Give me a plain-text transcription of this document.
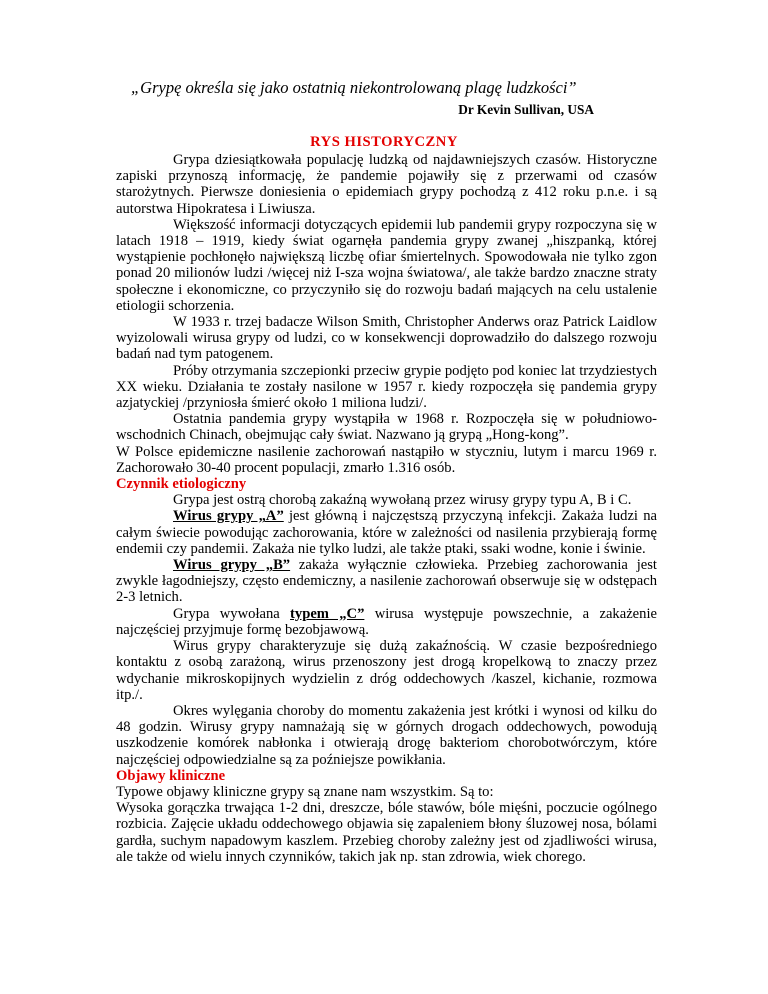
„Grypę określa się jako ostatnią niekontrolowaną plagę ludzkości”
Dr Kevin Sullivan, USA
RYS HISTORYCZNY

Grypa dziesiątkowała populację ludzką od najdawniejszych czasów. Historyczne zapiski przynoszą informację, że pandemie pojawiły się z przerwami od czasów starożytnych. Pierwsze doniesienia o epidemiach grypy pochodzą z 412 roku p.n.e. i są autorstwa Hipokratesa i Liwiusza.

Większość informacji dotyczących epidemii lub pandemii grypy rozpoczyna się w latach 1918 – 1919, kiedy świat ogarnęła pandemia grypy zwanej „hiszpanką, której wystąpienie pochłonęło największą liczbę ofiar śmiertelnych. Spowodowała nie tylko zgon ponad 20 milionów ludzi /więcej niż I-sza wojna światowa/, ale także bardzo znaczne straty społeczne i ekonomiczne, co przyczyniło się do rozwoju badań mających na celu ustalenie etiologii schorzenia.

W 1933 r. trzej badacze Wilson Smith, Christopher Anderws oraz Patrick Laidlow wyizolowali wirusa grypy od ludzi, co w konsekwencji doprowadziło do dalszego rozwoju badań nad tym patogenem.

Próby otrzymania szczepionki przeciw grypie podjęto pod koniec lat trzydziestych XX wieku. Działania te zostały nasilone w 1957 r. kiedy rozpoczęła się pandemia grypy azjatyckiej /przyniosła śmierć około 1 miliona ludzi/.

Ostatnia pandemia grypy wystąpiła w 1968 r. Rozpoczęła się w południowo-wschodnich Chinach, obejmując cały świat. Nazwano ją grypą „Hong-kong”.

W Polsce epidemiczne nasilenie zachorowań nastąpiło w styczniu, lutym i marcu 1969 r. Zachorowało 30-40 procent populacji, zmarło 1.316 osób.

Czynnik etiologiczny

Grypa jest ostrą chorobą zakaźną wywołaną przez wirusy grypy typu A, B i C.

Wirus grypy „A” jest główną i najczęstszą przyczyną infekcji. Zakaża ludzi na całym świecie powodując zachorowania, które w zależności od nasilenia przybierają formę endemii czy pandemii. Zakaża nie tylko ludzi, ale także ptaki, ssaki wodne, konie i świnie.

Wirus grypy „B” zakaża wyłącznie człowieka. Przebieg zachorowania jest zwykle łagodniejszy, często endemiczny, a nasilenie zachorowań obserwuje się w odstępach 2-3 letnich.

Grypa wywołana typem „C” wirusa występuje powszechnie, a zakażenie najczęściej przyjmuje formę bezobjawową.

Wirus grypy charakteryzuje się dużą zakaźnością. W czasie bezpośredniego kontaktu z osobą zarażoną, wirus przenoszony jest drogą kropelkową to znaczy przez wdychanie mikroskopijnych wydzielin z dróg oddechowych /kaszel, kichanie, rozmowa itp./.

Okres wylęgania choroby do momentu zakażenia jest krótki i wynosi od kilku do 48 godzin. Wirusy grypy namnażają się w górnych drogach oddechowych, powodują uszkodzenie komórek nabłonka i otwierają drogę bakteriom chorobotwórczym, które najczęściej odpowiedzialne są za poźniejsze powikłania.

Objawy kliniczne

Typowe objawy kliniczne grypy są znane nam wszystkim. Są to:

Wysoka gorączka trwająca 1-2 dni, dreszcze, bóle stawów, bóle mięśni, poczucie ogólnego rozbicia. Zajęcie układu oddechowego objawia się zapaleniem błony śluzowej nosa, bólami gardła, suchym napadowym kaszlem. Przebieg choroby zależny jest od zjadliwości wirusa, ale także od wielu innych czynników, takich jak np. stan zdrowia, wiek chorego.
